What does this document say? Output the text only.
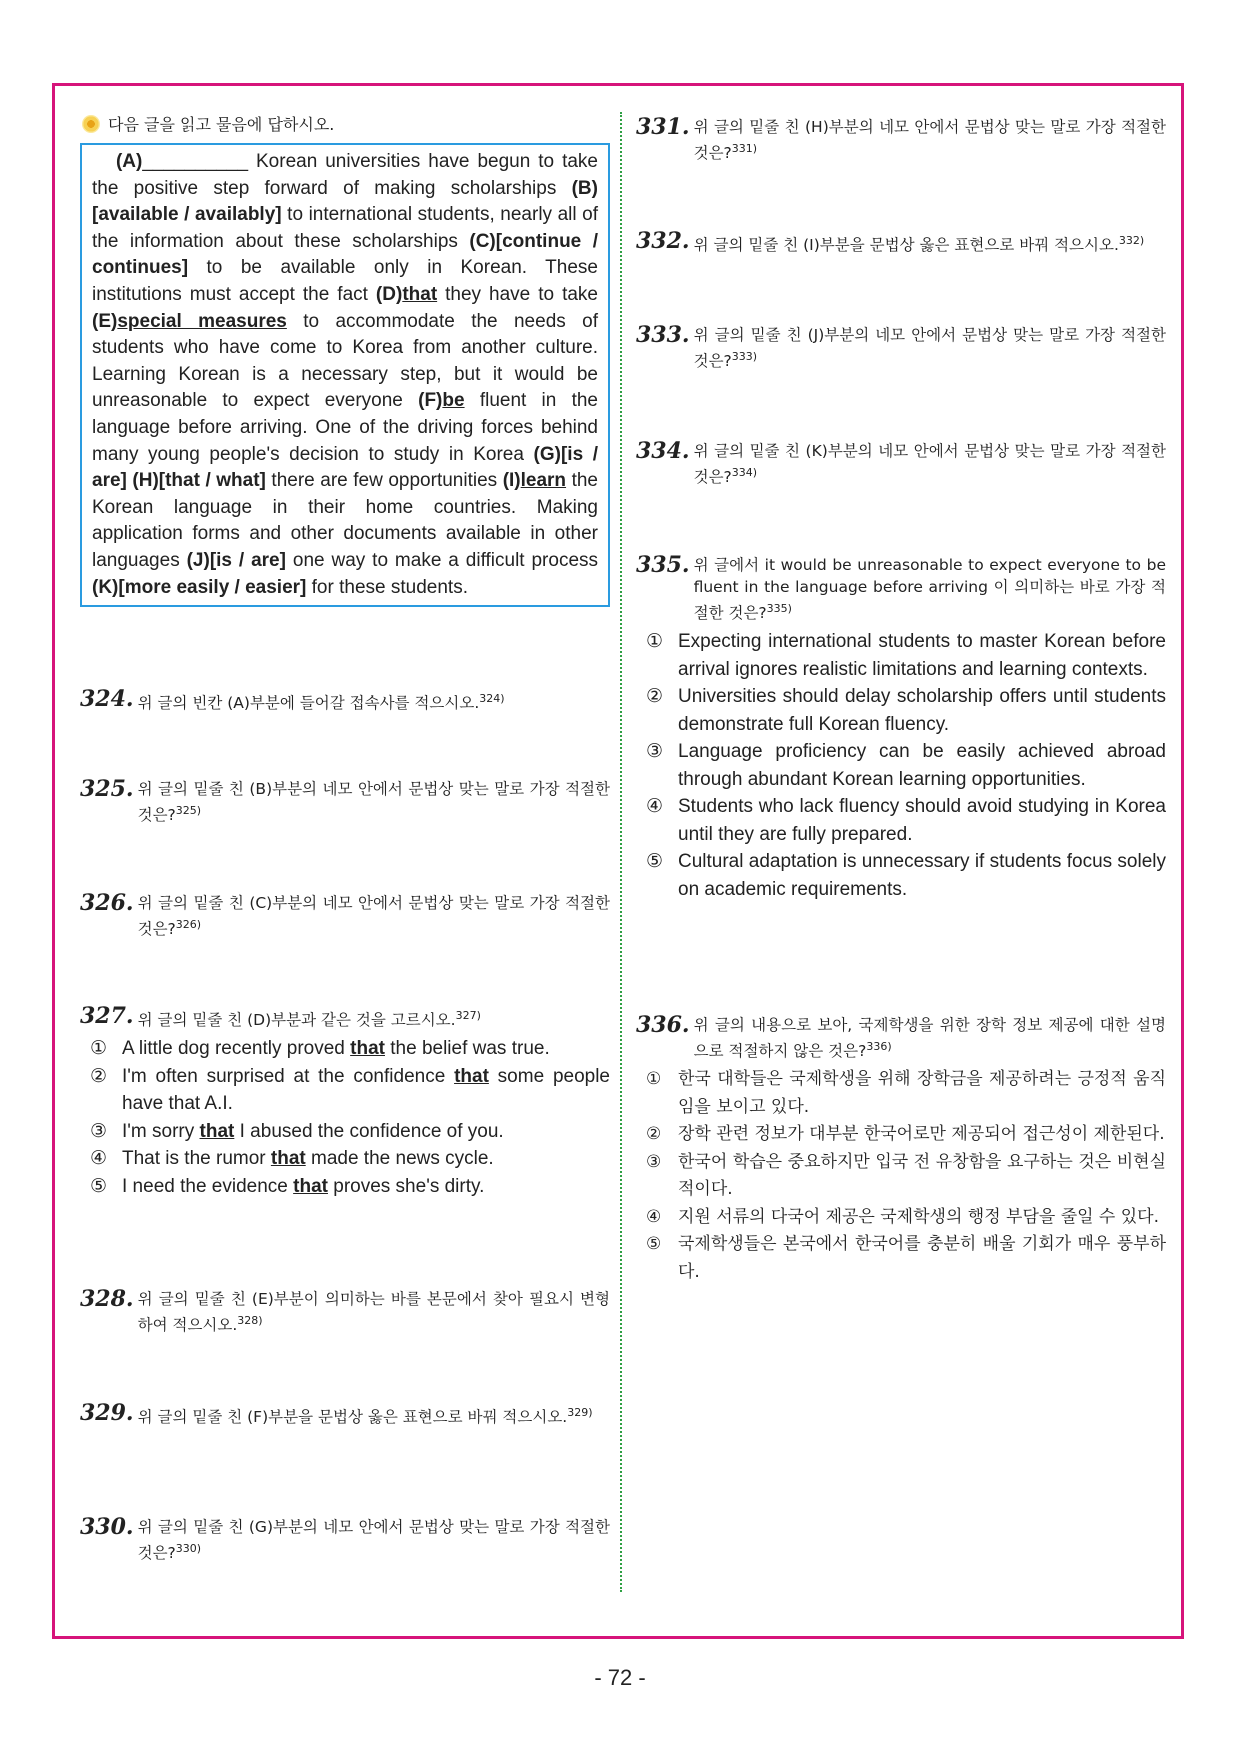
다음 글을 읽고 물음에 답하시오.
(A)__________ Korean universities have begun to take the positive step forward of making scholarships (B)[available / availably] to international students, nearly all of the information about these scholarships (C)[continue / continues] to be available only in Korean. These institutions must accept the fact (D)that they have to take (E)special measures to accommodate the needs of students who have come to Korea from another culture. Learning Korean is a necessary step, but it would be unreasonable to expect everyone (F)be fluent in the language before arriving. One of the driving forces behind many young people's decision to study in Korea (G)[is / are] (H)[that / what] there are few opportunities (I)learn the Korean language in their home countries. Making application forms and other documents available in other languages (J)[is / are] one way to make a difficult process (K)[more easily / easier] for these students.
324. 위 글의 빈칸 (A)부분에 들어갈 접속사를 적으시오.$^{324)}$
325. 위 글의 밑줄 친 (B)부분의 네모 안에서 문법상 맞는 말로 가장 적절한 것은?$^{325)}$
326. 위 글의 밑줄 친 (C)부분의 네모 안에서 문법상 맞는 말로 가장 적절한 것은?$^{326)}$
327. 위 글의 밑줄 친 (D)부분과 같은 것을 고르시오.$^{327)}$
① A little dog recently proved that the belief was true.
② I'm often surprised at the confidence that some people have that A.I.
③ I'm sorry that I abused the confidence of you.
④ That is the rumor that made the news cycle.
⑤ I need the evidence that proves she's dirty.
328. 위 글의 밑줄 친 (E)부분이 의미하는 바를 본문에서 찾아 필요시 변형하여 적으시오.$^{328)}$
329. 위 글의 밑줄 친 (F)부분을 문법상 옳은 표현으로 바꿔 적으시오.$^{329)}$
330. 위 글의 밑줄 친 (G)부분의 네모 안에서 문법상 맞는 말로 가장 적절한 것은?$^{330)}$
331. 위 글의 밑줄 친 (H)부분의 네모 안에서 문법상 맞는 말로 가장 적절한 것은?$^{331)}$
332. 위 글의 밑줄 친 (I)부분을 문법상 옳은 표현으로 바꿔 적으시오.$^{332)}$
333. 위 글의 밑줄 친 (J)부분의 네모 안에서 문법상 맞는 말로 가장 적절한 것은?$^{333)}$
334. 위 글의 밑줄 친 (K)부분의 네모 안에서 문법상 맞는 말로 가장 적절한 것은?$^{334)}$
335. 위 글에서 it would be unreasonable to expect everyone to be fluent in the language before arriving 이 의미하는 바로 가장 적절한 것은?$^{335)}$
① Expecting international students to master Korean before arrival ignores realistic limitations and learning contexts.
② Universities should delay scholarship offers until students demonstrate full Korean fluency.
③ Language proficiency can be easily achieved abroad through abundant Korean learning opportunities.
④ Students who lack fluency should avoid studying in Korea until they are fully prepared.
⑤ Cultural adaptation is unnecessary if students focus solely on academic requirements.
336. 위 글의 내용으로 보아, 국제학생을 위한 장학 정보 제공에 대한 설명으로 적절하지 않은 것은?$^{336)}$
① 한국 대학들은 국제학생을 위해 장학금을 제공하려는 긍정적 움직임을 보이고 있다.
② 장학 관련 정보가 대부분 한국어로만 제공되어 접근성이 제한된다.
③ 한국어 학습은 중요하지만 입국 전 유창함을 요구하는 것은 비현실적이다.
④ 지원 서류의 다국어 제공은 국제학생의 행정 부담을 줄일 수 있다.
⑤ 국제학생들은 본국에서 한국어를 충분히 배울 기회가 매우 풍부하다.
- 72 -
